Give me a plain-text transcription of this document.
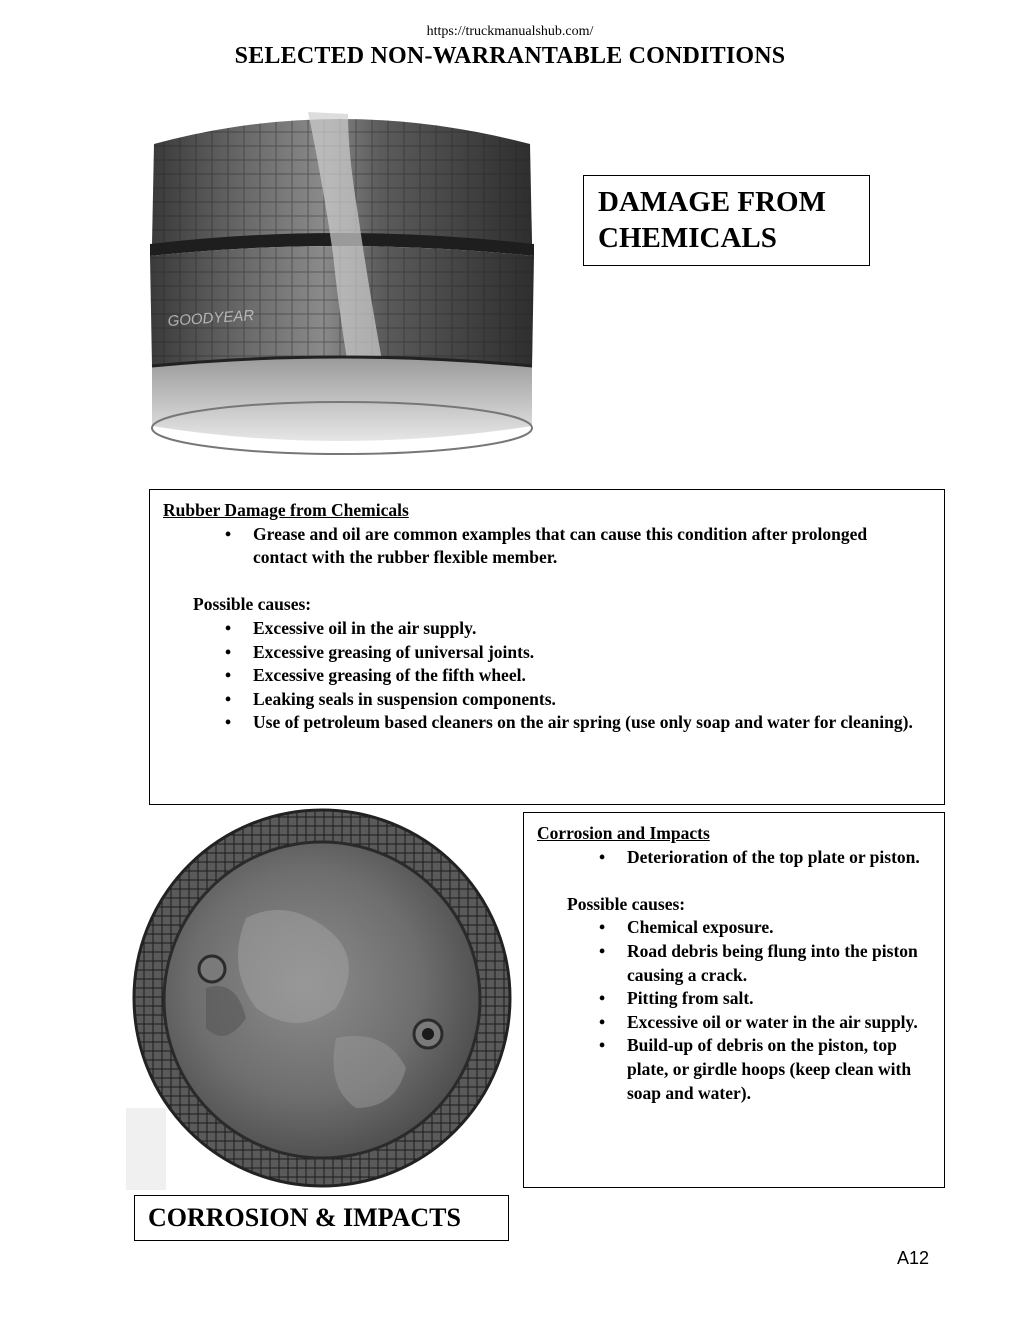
https://truckmanualshub.com/
SELECTED NON-WARRANTABLE CONDITIONS
GOODYEAR
DAMAGE FROM
CHEMICALS
Rubber Damage from Chemicals
• Grease and oil are common examples that can cause this condition after prolonged contact with the rubber flexible member.
Possible causes:
• Excessive oil in the air supply.
• Excessive greasing of universal joints.
• Excessive greasing of the fifth wheel.
• Leaking seals in suspension components.
• Use of petroleum based cleaners on the air spring (use only soap and water for cleaning).
Corrosion and Impacts
• Deterioration of the top plate or piston.
Possible causes:
• Chemical exposure.
• Road debris being flung into the piston causing a crack.
• Pitting from salt.
• Excessive oil or water in the air supply.
• Build-up of debris on the piston, top plate, or girdle hoops (keep clean with soap and water).
CORROSION & IMPACTS
A12
